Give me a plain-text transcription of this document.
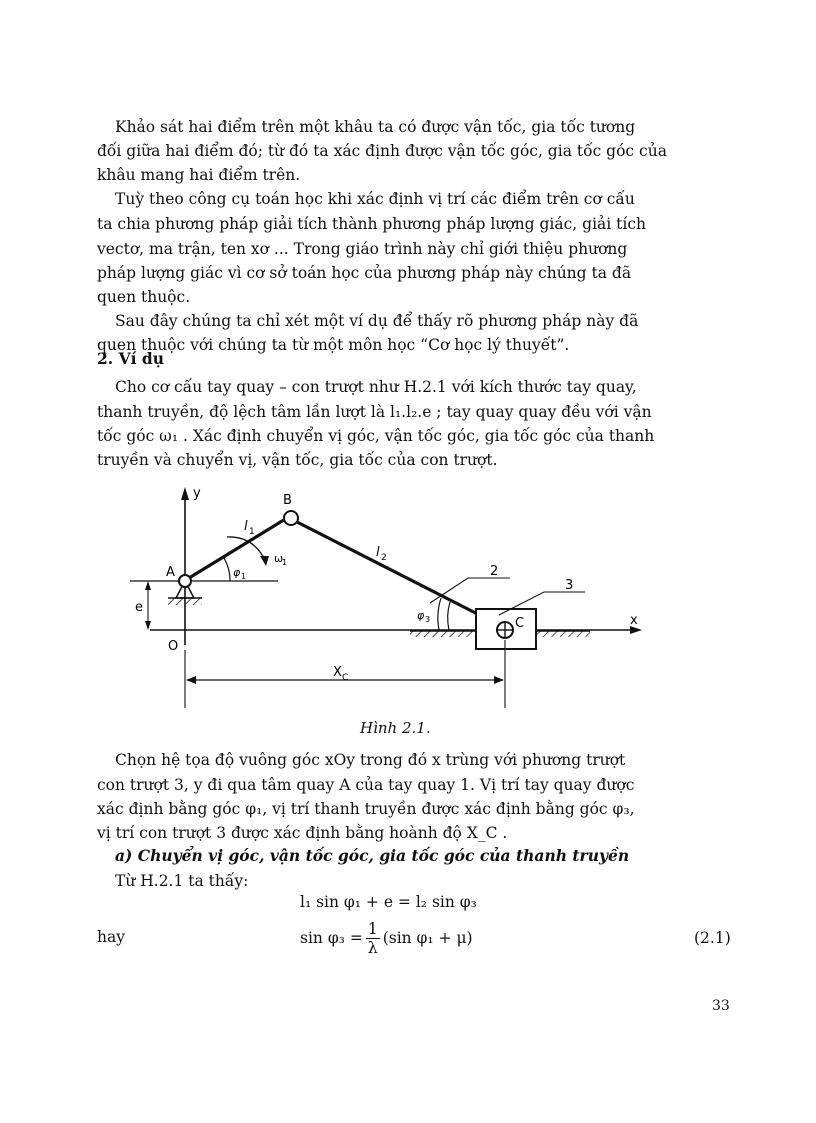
Khảo sát hai điểm trên một khâu ta có được vận tốc, gia tốc tương
đối giữa hai điểm đó; từ đó ta xác định được vận tốc góc, gia tốc góc của
khâu mang hai điểm trên.
Tuỳ theo công cụ toán học khi xác định vị trí các điểm trên cơ cấu
ta chia phương pháp giải tích thành phương pháp lượng giác, giải tích
vectơ, ma trận, ten xơ ... Trong giáo trình này chỉ giới thiệu phương
pháp lượng giác vì cơ sở toán học của phương pháp này chúng ta đã
quen thuộc.
Sau đây chúng ta chỉ xét một ví dụ để thấy rõ phương pháp này đã
quen thuộc với chúng ta từ một môn học “Cơ học lý thuyết”.
2. Ví dụ
Cho cơ cấu tay quay – con trượt như H.2.1 với kích thước tay quay,
thanh truyền, độ lệch tâm lần lượt là l₁.l₂.e ; tay quay quay đều với vận
tốc góc ω₁ . Xác định chuyển vị góc, vận tốc góc, gia tốc góc của thanh
truyền và chuyển vị, vận tốc, gia tốc của con trượt.
y
x
e
A
B
C
O
l 1
l 2
φ 1
ω
1
φ 3
X C
2
3
Hình 2.1.
Chọn hệ tọa độ vuông góc xOy trong đó x trùng với phương trượt
con trượt 3, y đi qua tâm quay A của tay quay 1. Vị trí tay quay được
xác định bằng góc φ₁, vị trí thanh truyền được xác định bằng góc φ₃,
vị trí con trượt 3 được xác định bằng hoành độ X_C .
a) Chuyển vị góc, vận tốc góc, gia tốc góc của thanh truyền
Từ H.2.1 ta thấy:
l₁ sin φ₁ + e = l₂ sin φ₃
hay	$\sin \varphi_3 = \frac{1}{\lambda} (\sin$ φ₁ + μ)	(2.1)
33
